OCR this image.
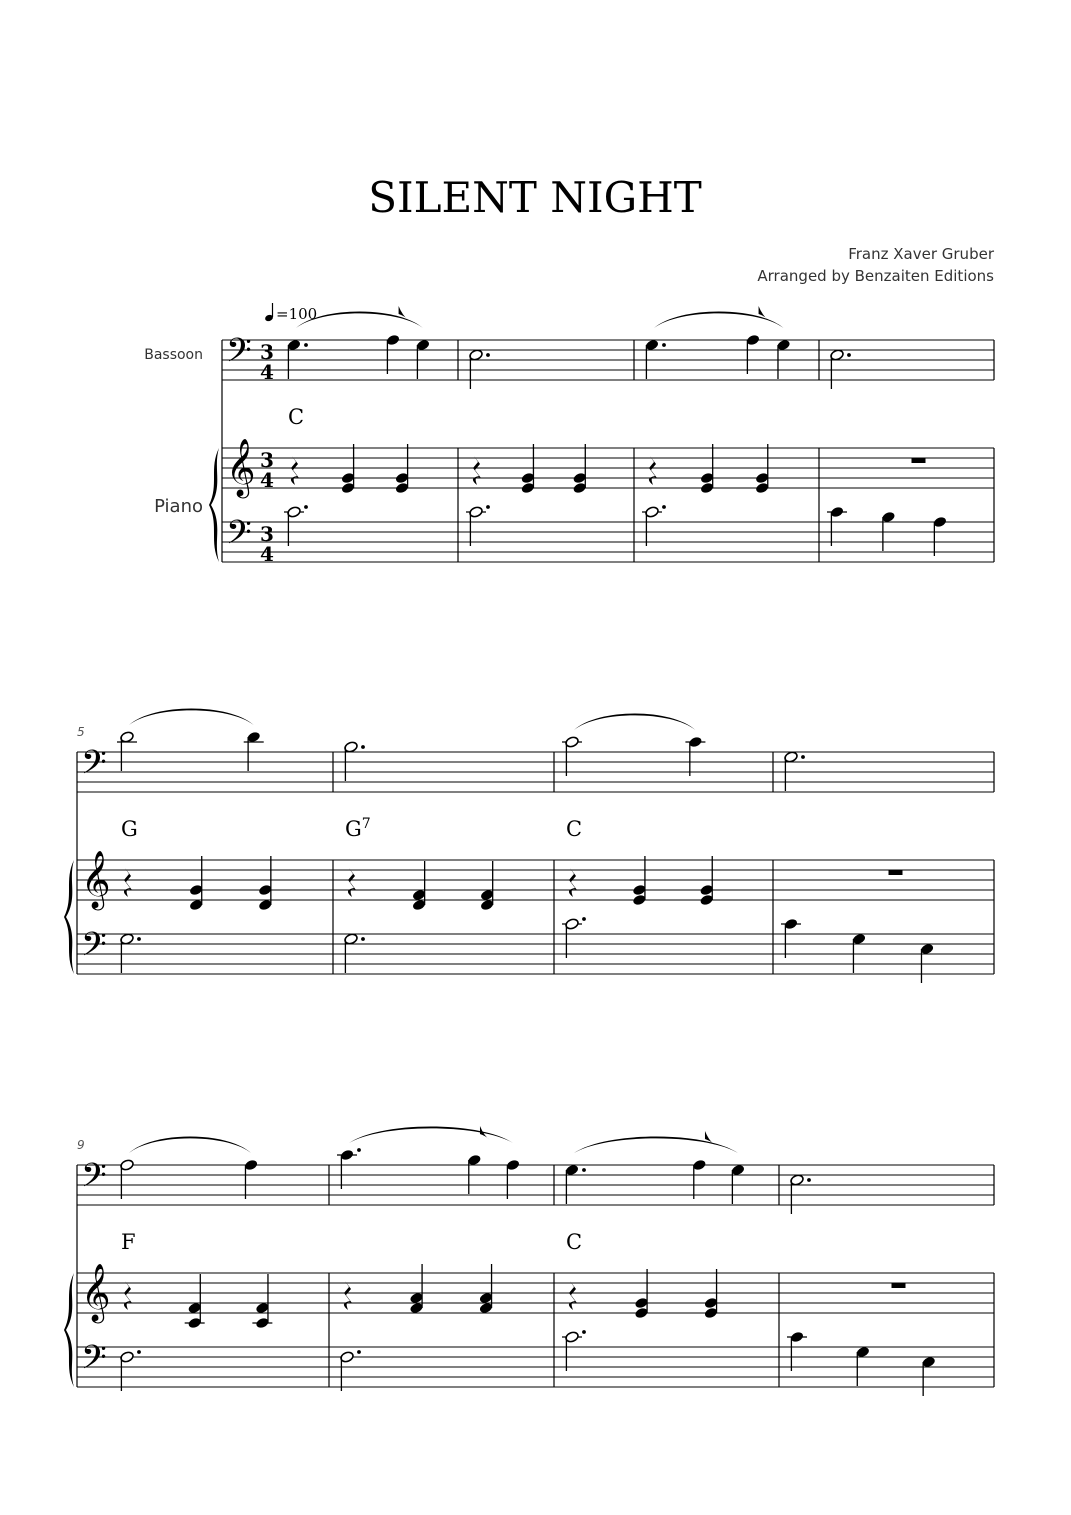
SILENT NIGHT
Franz Xaver Gruber
Arranged by Benzaiten Editions
=100
𝄢 3
4
𝄞 3
4
𝄢 3
4
Bassoon
Piano
C
𝄢
𝄞
𝄢
5
G	$G^7$	C
𝄢
𝄞
𝄢
9
F	C
